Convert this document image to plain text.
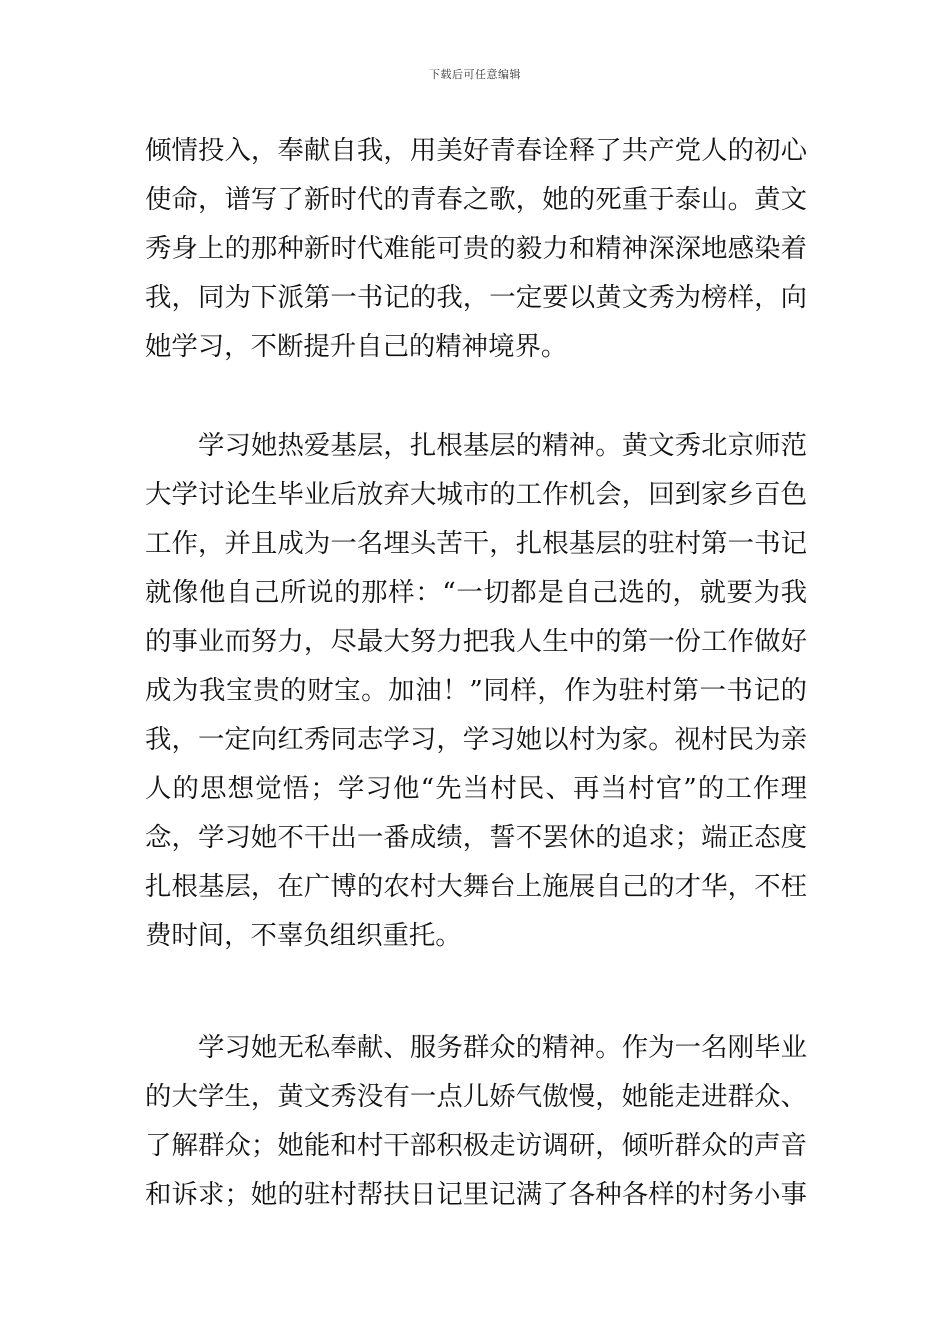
下载后可任意编辑
倾情投入，奉献自我，用美好青春诠释了共产党人的初心
使命，谱写了新时代的青春之歌，她的死重于泰山。黄文
秀身上的那种新时代难能可贵的毅力和精神深深地感染着
我，同为下派第一书记的我，一定要以黄文秀为榜样，向
她学习，不断提升自己的精神境界。
学习她热爱基层，扎根基层的精神。黄文秀北京师范
大学讨论生毕业后放弃大城市的工作机会，回到家乡百色
工作，并且成为一名埋头苦干，扎根基层的驻村第一书记
就像他自己所说的那样：“一切都是自己选的，就要为我
的事业而努力，尽最大努力把我人生中的第一份工作做好
成为我宝贵的财宝。加油！”同样，作为驻村第一书记的
我，一定向红秀同志学习，学习她以村为家。视村民为亲
人的思想觉悟；学习他“先当村民、再当村官”的工作理
念，学习她不干出一番成绩，誓不罢休的追求；端正态度
扎根基层，在广博的农村大舞台上施展自己的才华，不枉
费时间，不辜负组织重托。
学习她无私奉献、服务群众的精神。作为一名刚毕业
的大学生，黄文秀没有一点儿娇气傲慢，她能走进群众、
了解群众；她能和村干部积极走访调研，倾听群众的声音
和诉求；她的驻村帮扶日记里记满了各种各样的村务小事
